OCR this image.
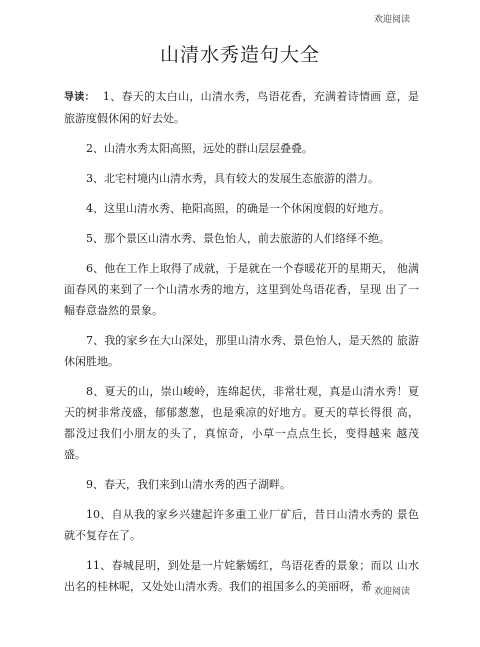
欢迎阅读
山清水秀造句大全

导读： 1、春天的太白山，山清水秀，鸟语花香，充满着诗情画 意，是旅游度假休闲的好去处。

2、山清水秀太阳高照，远处的群山层层叠叠。

3、北宅村境内山清水秀，具有较大的发展生态旅游的潜力。

4、这里山清水秀、艳阳高照，的确是一个休闲度假的好地方。

5、那个景区山清水秀、景色怡人，前去旅游的人们络绎不绝。

6、他在工作上取得了成就，于是就在一个春暖花开的星期天， 他满面春风的来到了一个山清水秀的地方，这里到处鸟语花香，呈现 出了一幅春意盎然的景象。

7、我的家乡在大山深处，那里山清水秀、景色怡人，是天然的 旅游休闲胜地。

8、夏天的山，崇山峻岭，连绵起伏，非常壮观，真是山清水秀！夏天的树非常茂盛，郁郁葱葱，也是乘凉的好地方。夏天的草长得很 高，都没过我们小朋友的头了，真惊奇，小草一点点生长，变得越来 越茂盛。

9、春天，我们来到山清水秀的西子湖畔。

10、自从我的家乡兴建起许多重工业厂矿后，昔日山清水秀的 景色就不复存在了。

11、春城昆明，到处是一片姹紫嫣红，鸟语花香的景象；而以 山水出名的桂林呢，又处处山清水秀。我们的祖国多么的美丽呀，希 欢迎阅读
